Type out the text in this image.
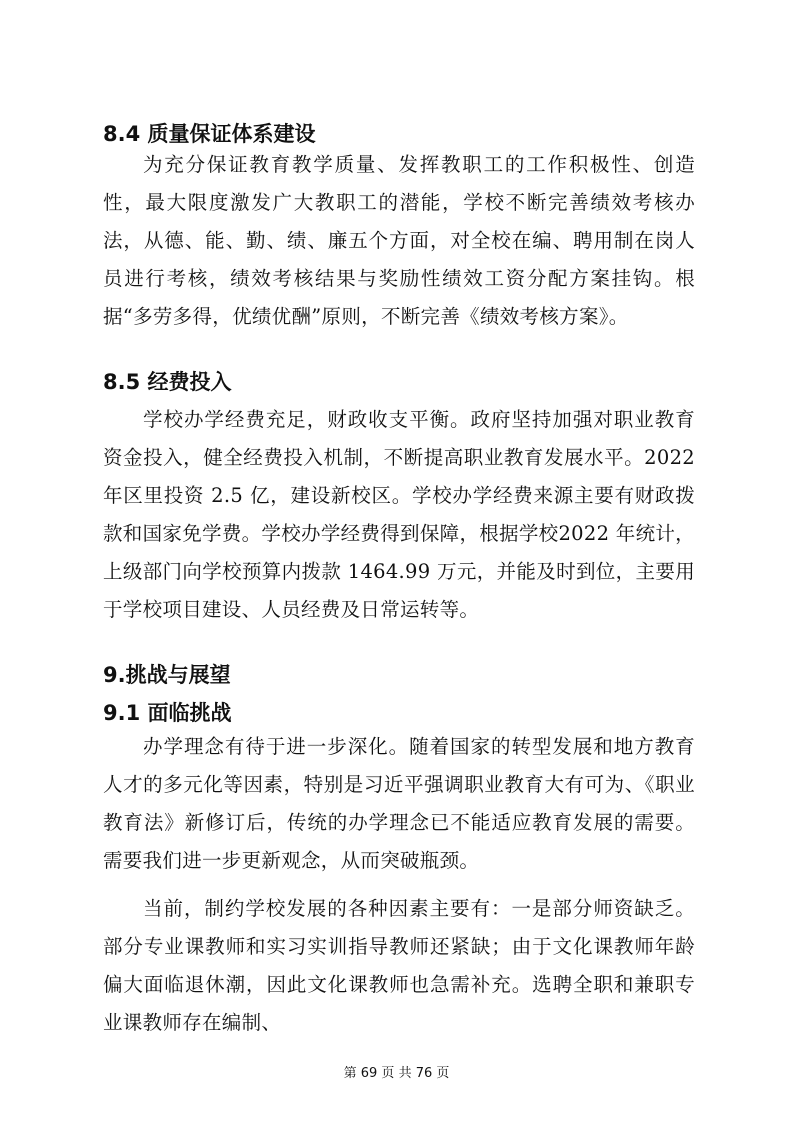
8.4 质量保证体系建设

为充分保证教育教学质量、发挥教职工的工作积极性、创造性，最大限度激发广大教职工的潜能，学校不断完善绩效考核办法，从德、能、勤、绩、廉五个方面，对全校在编、聘用制在岗人员进行考核，绩效考核结果与奖励性绩效工资分配方案挂钩。根据“多劳多得，优绩优酬”原则，不断完善《绩效考核方案》。

8.5 经费投入

学校办学经费充足，财政收支平衡。政府坚持加强对职业教育资金投入，健全经费投入机制，不断提高职业教育发展水平。2022 年区里投资 2.5 亿，建设新校区。学校办学经费来源主要有财政拨款和国家免学费。学校办学经费得到保障，根据学校2022 年统计，上级部门向学校预算内拨款 1464.99 万元，并能及时到位，主要用于学校项目建设、人员经费及日常运转等。

9.挑战与展望
9.1 面临挑战

办学理念有待于进一步深化。随着国家的转型发展和地方教育人才的多元化等因素，特别是习近平强调职业教育大有可为、《职业教育法》新修订后，传统的办学理念已不能适应教育发展的需要。需要我们进一步更新观念，从而突破瓶颈。

当前，制约学校发展的各种因素主要有：一是部分师资缺乏。部分专业课教师和实习实训指导教师还紧缺；由于文化课教师年龄偏大面临退休潮，因此文化课教师也急需补充。选聘全职和兼职专业课教师存在编制、

第 69 页 共 76 页
